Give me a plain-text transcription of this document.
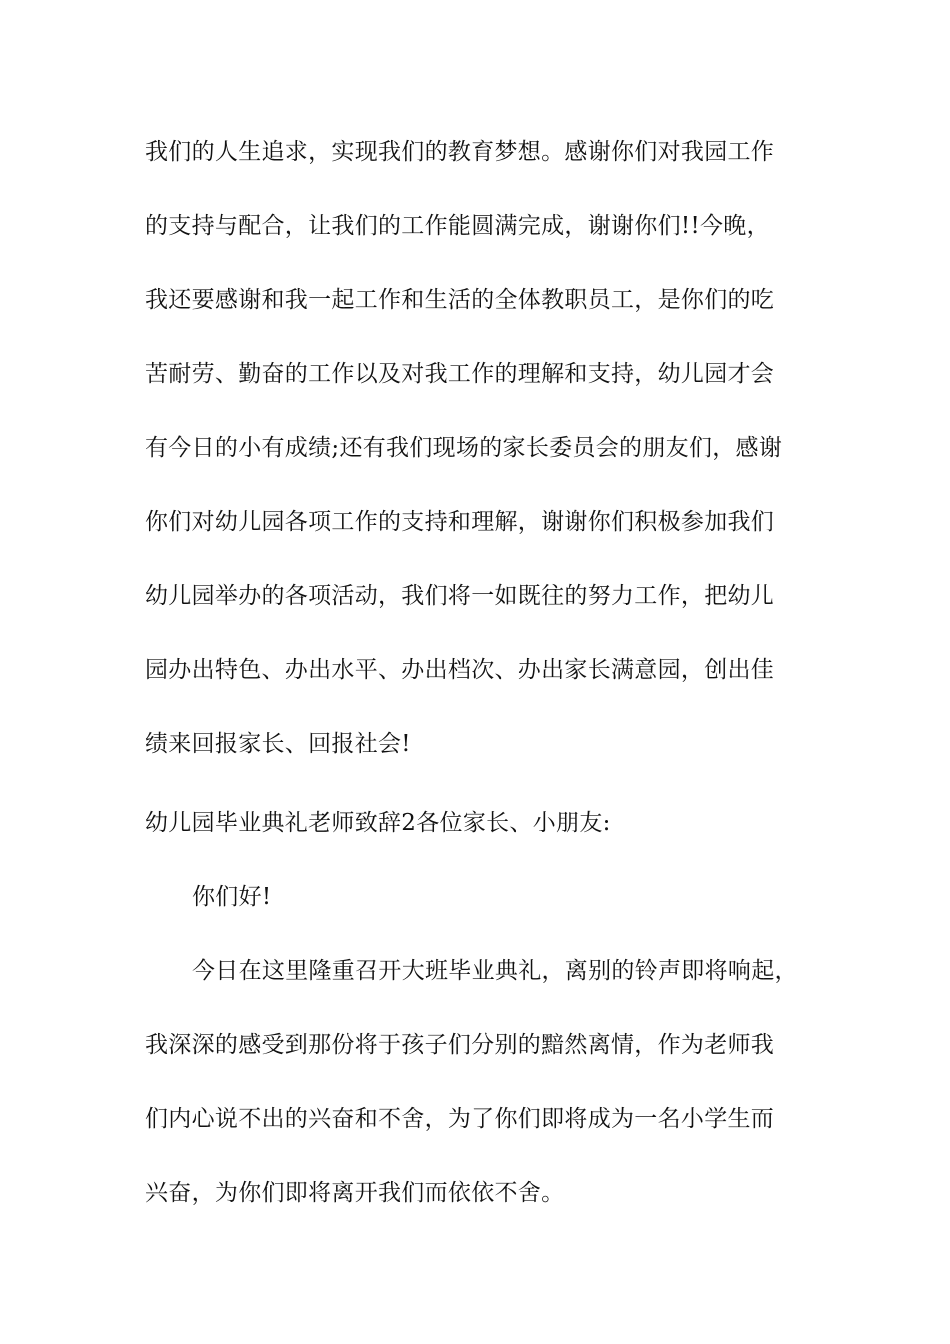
我们的人生追求，实现我们的教育梦想。感谢你们对我园工作
的支持与配合，让我们的工作能圆满完成，谢谢你们!!今晚，
我还要感谢和我一起工作和生活的全体教职员工，是你们的吃
苦耐劳、勤奋的工作以及对我工作的理解和支持，幼儿园才会
有今日的小有成绩;还有我们现场的家长委员会的朋友们，感谢
你们对幼儿园各项工作的支持和理解，谢谢你们积极参加我们
幼儿园举办的各项活动，我们将一如既往的努力工作，把幼儿
园办出特色、办出水平、办出档次、办出家长满意园，创出佳
绩来回报家长、回报社会!
幼儿园毕业典礼老师致辞2各位家长、小朋友:
你们好!
今日在这里隆重召开大班毕业典礼，离别的铃声即将响起，
我深深的感受到那份将于孩子们分别的黯然离情，作为老师我
们内心说不出的兴奋和不舍，为了你们即将成为一名小学生而
兴奋，为你们即将离开我们而依依不舍。
